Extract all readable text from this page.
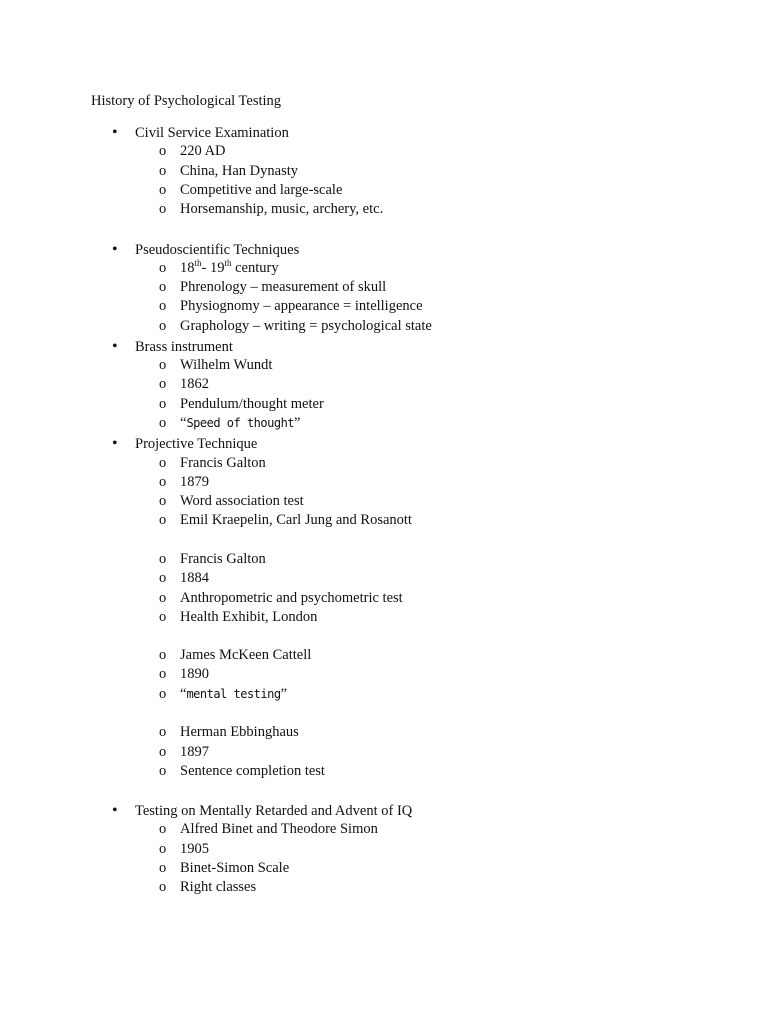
History of Psychological Testing
• Civil Service Examination
o 220 AD
o China, Han Dynasty
o Competitive and large-scale
o Horsemanship, music, archery, etc.
• Pseudoscientific Techniques
o 18th- 19th century
o Phrenology – measurement of skull
o Physiognomy – appearance = intelligence
o Graphology – writing = psychological state
• Brass instrument
o Wilhelm Wundt
o 1862
o Pendulum/thought meter
o “Speed of thought”
• Projective Technique
o Francis Galton
o 1879
o Word association test
o Emil Kraepelin, Carl Jung and Rosanott
o Francis Galton
o 1884
o Anthropometric and psychometric test
o Health Exhibit, London
o James McKeen Cattell
o 1890
o “mental testing”
o Herman Ebbinghaus
o 1897
o Sentence completion test
• Testing on Mentally Retarded and Advent of IQ
o Alfred Binet and Theodore Simon
o 1905
o Binet-Simon Scale
o Right classes
